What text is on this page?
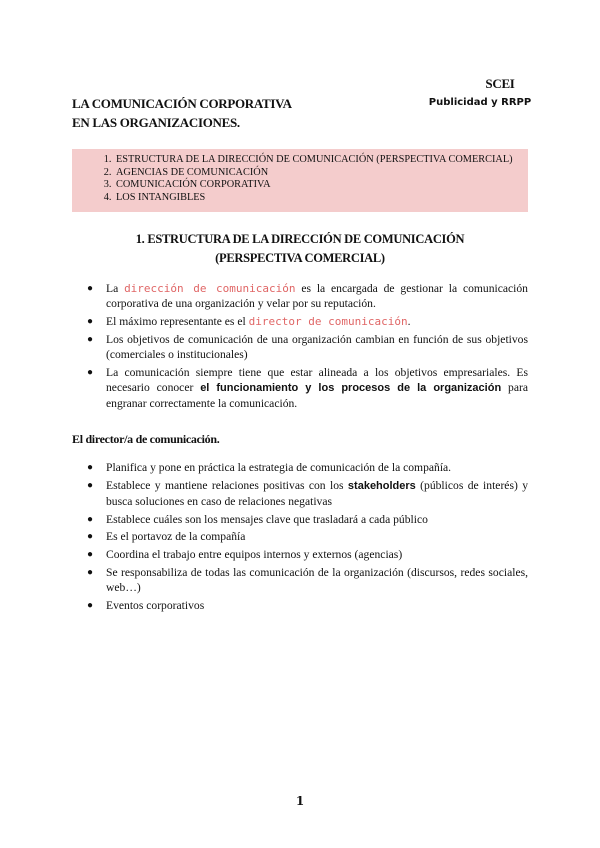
SCEI
Publicidad y RRPP
LA COMUNICACIÓN CORPORATIVA
EN LAS ORGANIZACIONES.
1. ESTRUCTURA DE LA DIRECCIÓN DE COMUNICACIÓN (PERSPECTIVA COMERCIAL)
2. AGENCIAS DE COMUNICACIÓN
3. COMUNICACIÓN CORPORATIVA
4. LOS INTANGIBLES
1. ESTRUCTURA DE LA DIRECCIÓN DE COMUNICACIÓN
(PERSPECTIVA COMERCIAL)
● La dirección de comunicación es la encargada de gestionar la comunicación corporativa de una organización y velar por su reputación.
● El máximo representante es el director de comunicación.
● Los objetivos de comunicación de una organización cambian en función de sus objetivos (comerciales o institucionales)
● La comunicación siempre tiene que estar alineada a los objetivos empresariales. Es necesario conocer el funcionamiento y los procesos de la organización para engranar correctamente la comunicación.
El director/a de comunicación.
● Planifica y pone en práctica la estrategia de comunicación de la compañía.
● Establece y mantiene relaciones positivas con los stakeholders (públicos de interés) y busca soluciones en caso de relaciones negativas
● Establece cuáles son los mensajes clave que trasladará a cada público
● Es el portavoz de la compañía
● Coordina el trabajo entre equipos internos y externos (agencias)
● Se responsabiliza de todas las comunicación de la organización (discursos, redes sociales, web…)
● Eventos corporativos
1
